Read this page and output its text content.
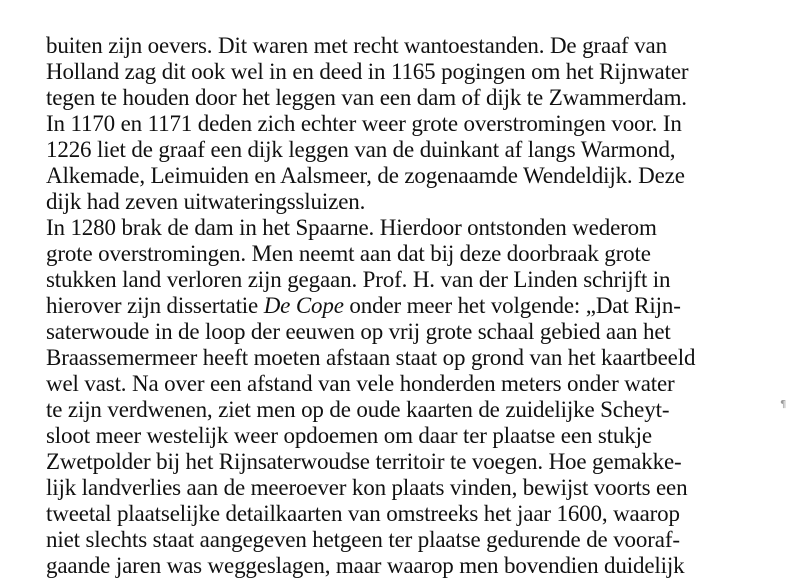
buiten zijn oevers. Dit waren met recht wantoestanden. De graaf van
Holland zag dit ook wel in en deed in 1165 pogingen om het Rijnwater
tegen te houden door het leggen van een dam of dijk te Zwammerdam.
In 1170 en 1171 deden zich echter weer grote overstromingen voor. In
1226 liet de graaf een dijk leggen van de duinkant af langs Warmond,
Alkemade, Leimuiden en Aalsmeer, de zogenaamde Wendeldijk. Deze
dijk had zeven uitwateringssluizen.
In 1280 brak de dam in het Spaarne. Hierdoor ontstonden wederom
grote overstromingen. Men neemt aan dat bij deze doorbraak grote
stukken land verloren zijn gegaan. Prof. H. van der Linden schrijft in
hierover zijn dissertatie De Cope onder meer het volgende: „Dat Rijn-
saterwoude in de loop der eeuwen op vrij grote schaal gebied aan het
Braassemermeer heeft moeten afstaan staat op grond van het kaartbeeld
wel vast. Na over een afstand van vele honderden meters onder water
te zijn verdwenen, ziet men op de oude kaarten de zuidelijke Scheyt-
sloot meer westelijk weer opdoemen om daar ter plaatse een stukje
Zwetpolder bij het Rijnsaterwoudse territoir te voegen. Hoe gemakke-
lijk landverlies aan de meeroever kon plaats vinden, bewijst voorts een
tweetal plaatselijke detailkaarten van omstreeks het jaar 1600, waarop
niet slechts staat aangegeven hetgeen ter plaatse gedurende de vooraf-
gaande jaren was weggeslagen, maar waarop men bovendien duidelijk
¶
